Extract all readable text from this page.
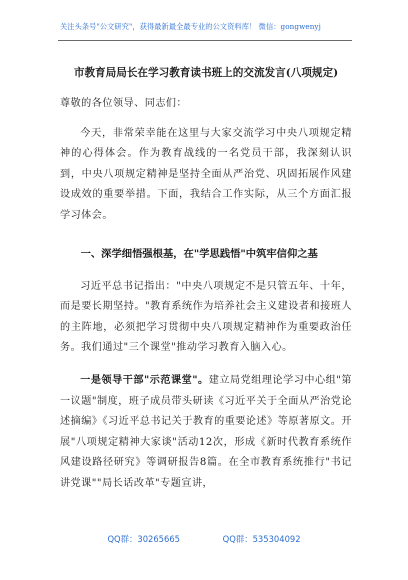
关注头条号"公文研究"，获得最新最全最专业的公文资料库！ 微信：gongwenyj
市教育局局长在学习教育读书班上的交流发言(八项规定)

尊敬的各位领导、同志们：

今天，非常荣幸能在这里与大家交流学习中央八项规定精神的心得体会。作为教育战线的一名党员干部，我深刻认识到，中央八项规定精神是坚持全面从严治党、巩固拓展作风建设成效的重要举措。下面，我结合工作实际，从三个方面汇报学习体会。

一、深学细悟强根基，在"学思践悟"中筑牢信仰之基

习近平总书记指出："中央八项规定不是只管五年、十年，而是要长期坚持。"教育系统作为培养社会主义建设者和接班人的主阵地，必须把学习贯彻中央八项规定精神作为重要政治任务。我们通过"三个课堂"推动学习教育入脑入心。

一是领导干部"示范课堂"。建立局党组理论学习中心组"第一议题"制度，班子成员带头研读《习近平关于全面从严治党论述摘编》《习近平总书记关于教育的重要论述》等原著原文。开展"八项规定精神大家谈"活动12次，形成《新时代教育系统作风建设路径研究》等调研报告8篇。在全市教育系统推行"书记讲党课""局长话改革"专题宣讲，

QQ群：30265665	QQ群：535304092
